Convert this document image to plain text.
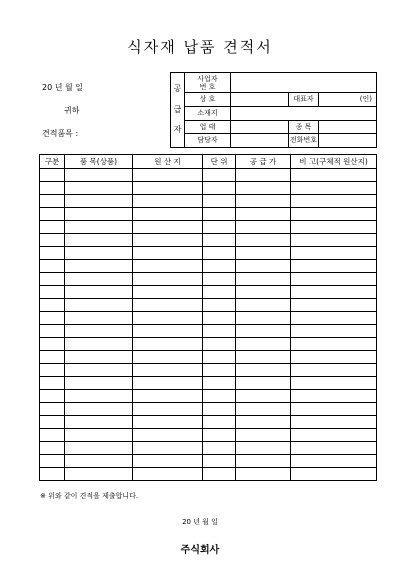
식자재 납품 견적서
20 년 월 일
귀하
견적품목 :
공
급
자	사업자
번 호			
	상 호		대표자	(인)
	소재지			
	업 태		종 목	
	담당자		전화번호	
구분	품 목(상품)	원 산 지	단 위	공 급 가	비 고(구체적 원산지)

※ 위와 같이 견적을 제출합니다.
20 년 월 일
주식회사
